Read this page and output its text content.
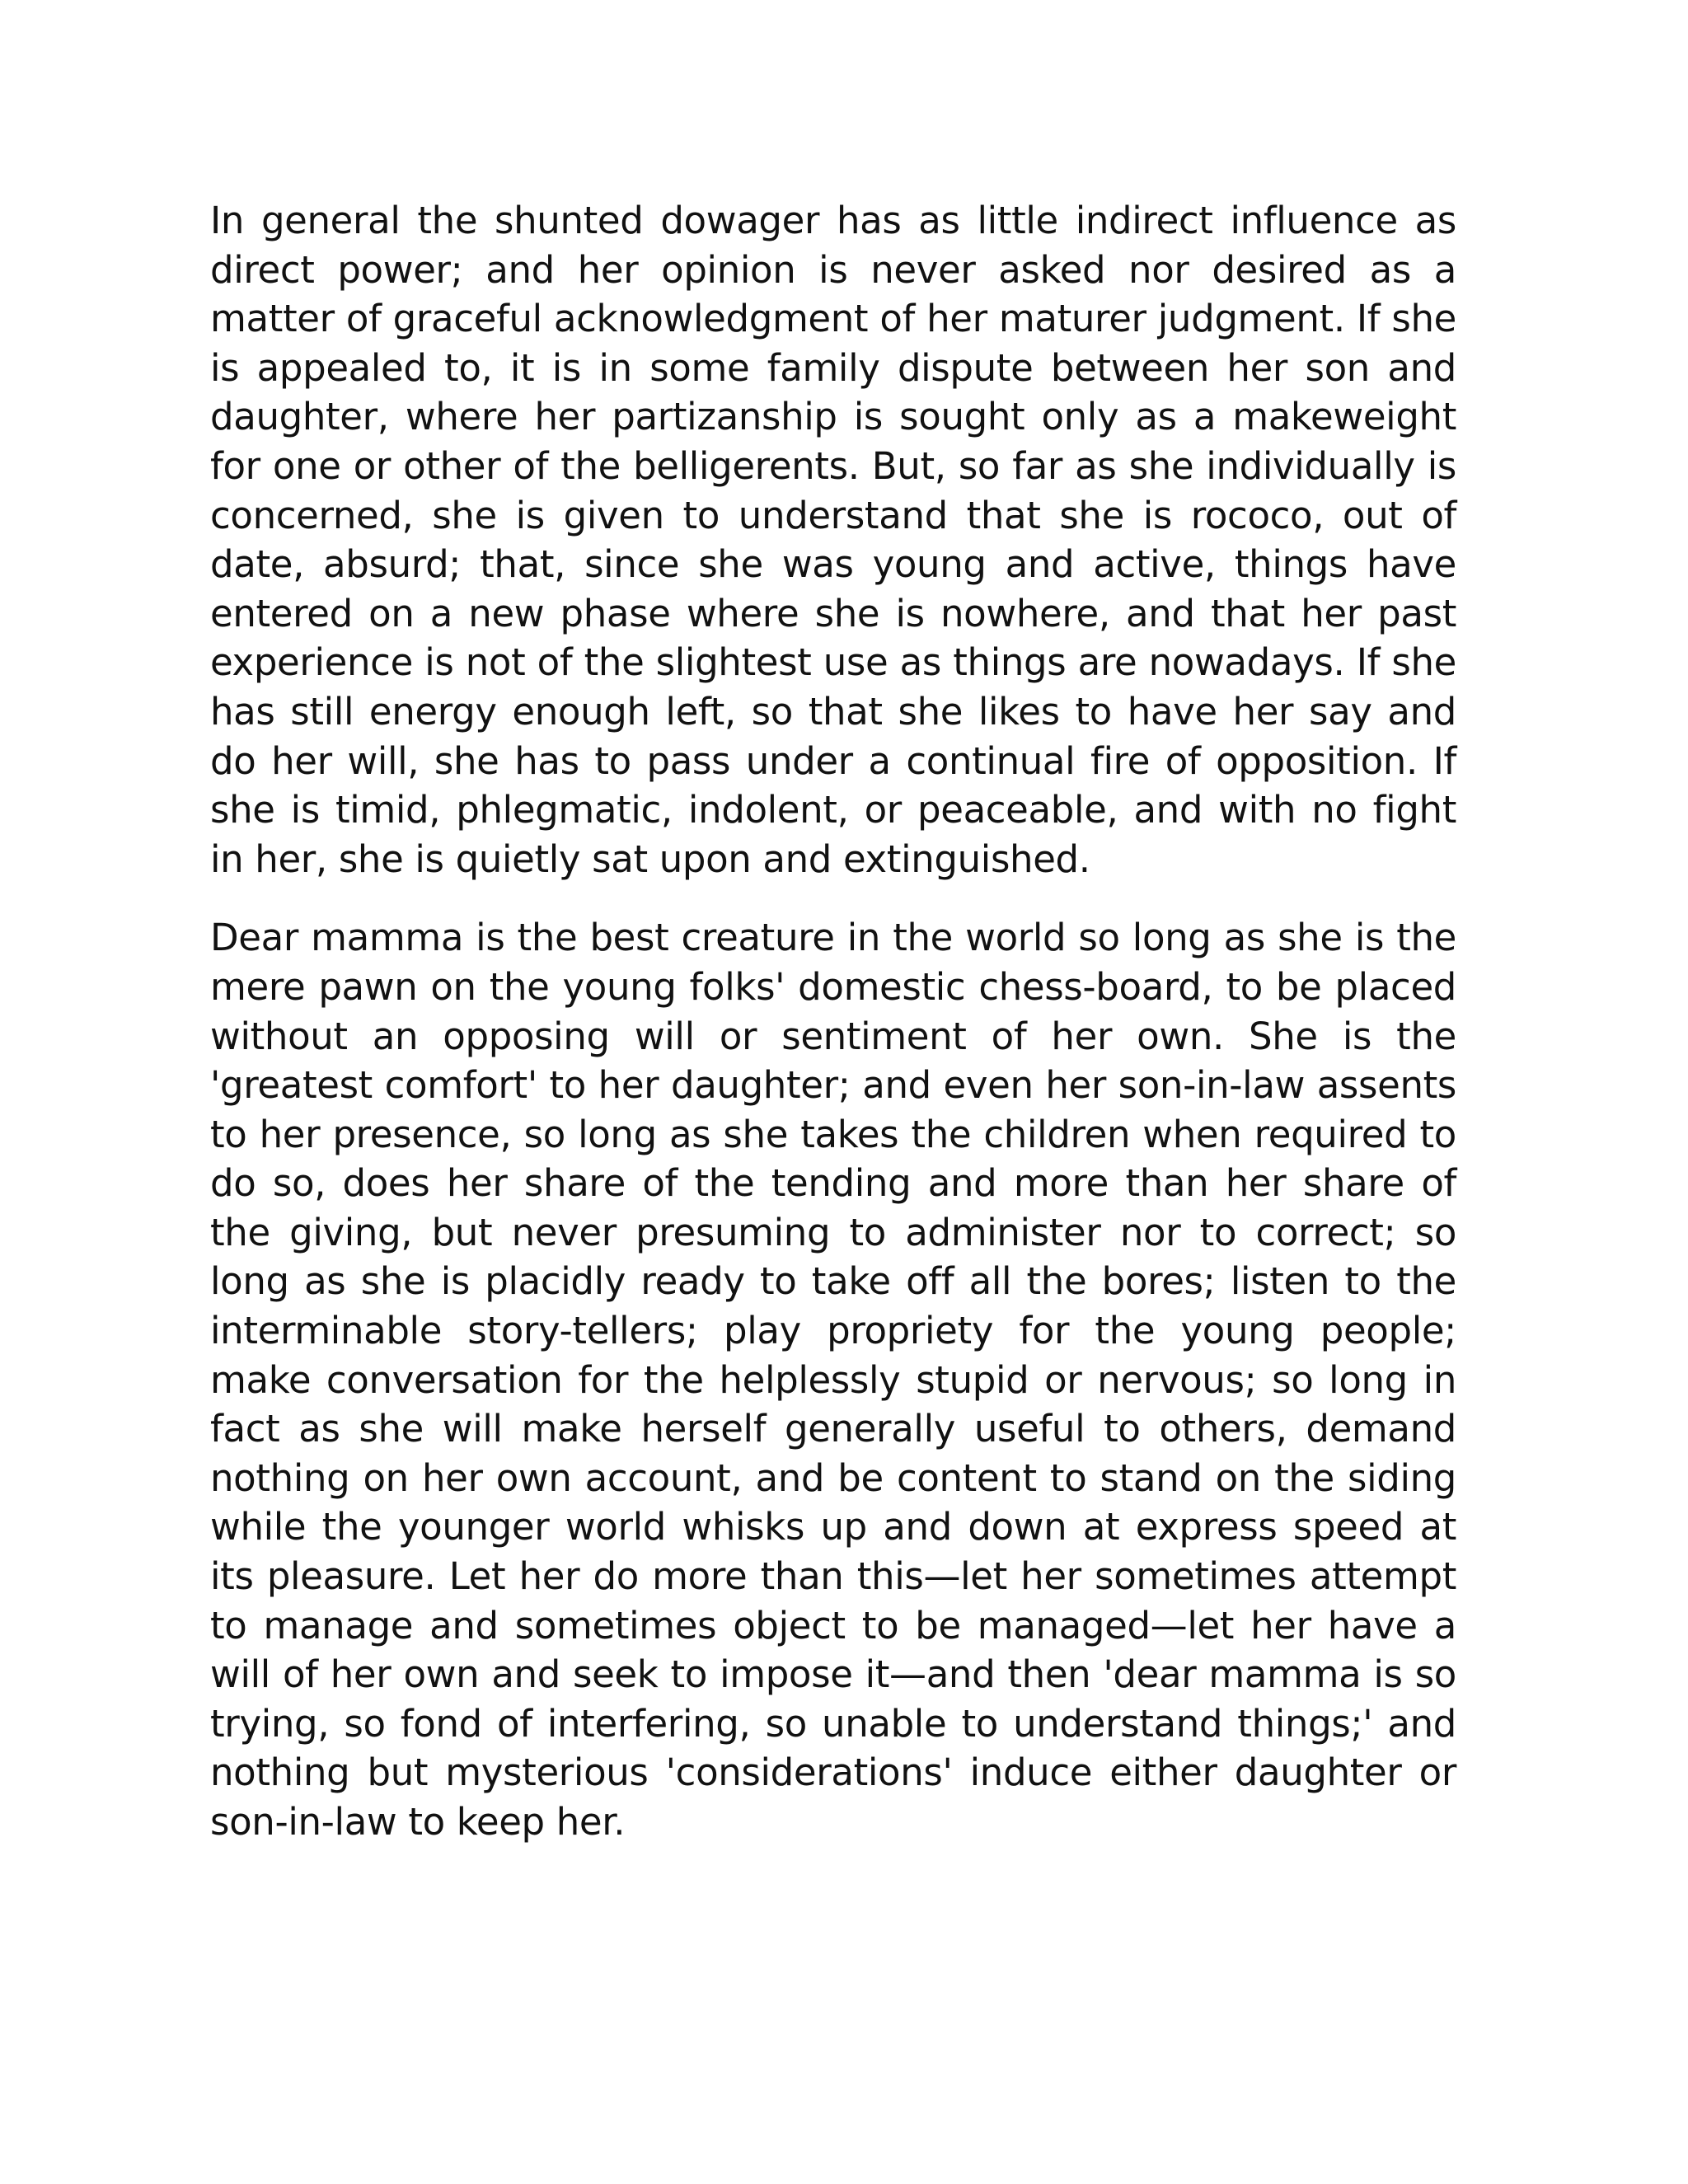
In general the shunted dowager has as little indirect influence as direct power; and her opinion is never asked nor desired as a matter of graceful acknowledgment of her maturer judgment. If she is appealed to, it is in some family dispute between her son and daughter, where her partizanship is sought only as a makeweight for one or other of the belligerents. But, so far as she individually is concerned, she is given to understand that she is rococo, out of date, absurd; that, since she was young and active, things have entered on a new phase where she is nowhere, and that her past experience is not of the slightest use as things are nowadays. If she has still energy enough left, so that she likes to have her say and do her will, she has to pass under a continual fire of opposition. If she is timid, phlegmatic, indolent, or peaceable, and with no fight in her, she is quietly sat upon and extinguished.

Dear mamma is the best creature in the world so long as she is the mere pawn on the young folks' domestic chess-board, to be placed without an opposing will or sentiment of her own. She is the 'greatest comfort' to her daughter; and even her son-in-law assents to her presence, so long as she takes the children when required to do so, does her share of the tending and more than her share of the giving, but never presuming to administer nor to correct; so long as she is placidly ready to take off all the bores; listen to the interminable story-tellers; play propriety for the young people; make conversation for the helplessly stupid or nervous; so long in fact as she will make herself generally useful to others, demand nothing on her own account, and be content to stand on the siding while the younger world whisks up and down at express speed at its pleasure. Let her do more than this—let her sometimes attempt to manage and sometimes object to be managed—let her have a will of her own and seek to impose it—and then 'dear mamma is so trying, so fond of interfering, so unable to understand things;' and nothing but mysterious 'considerations' induce either daughter or son-in-law to keep her.
